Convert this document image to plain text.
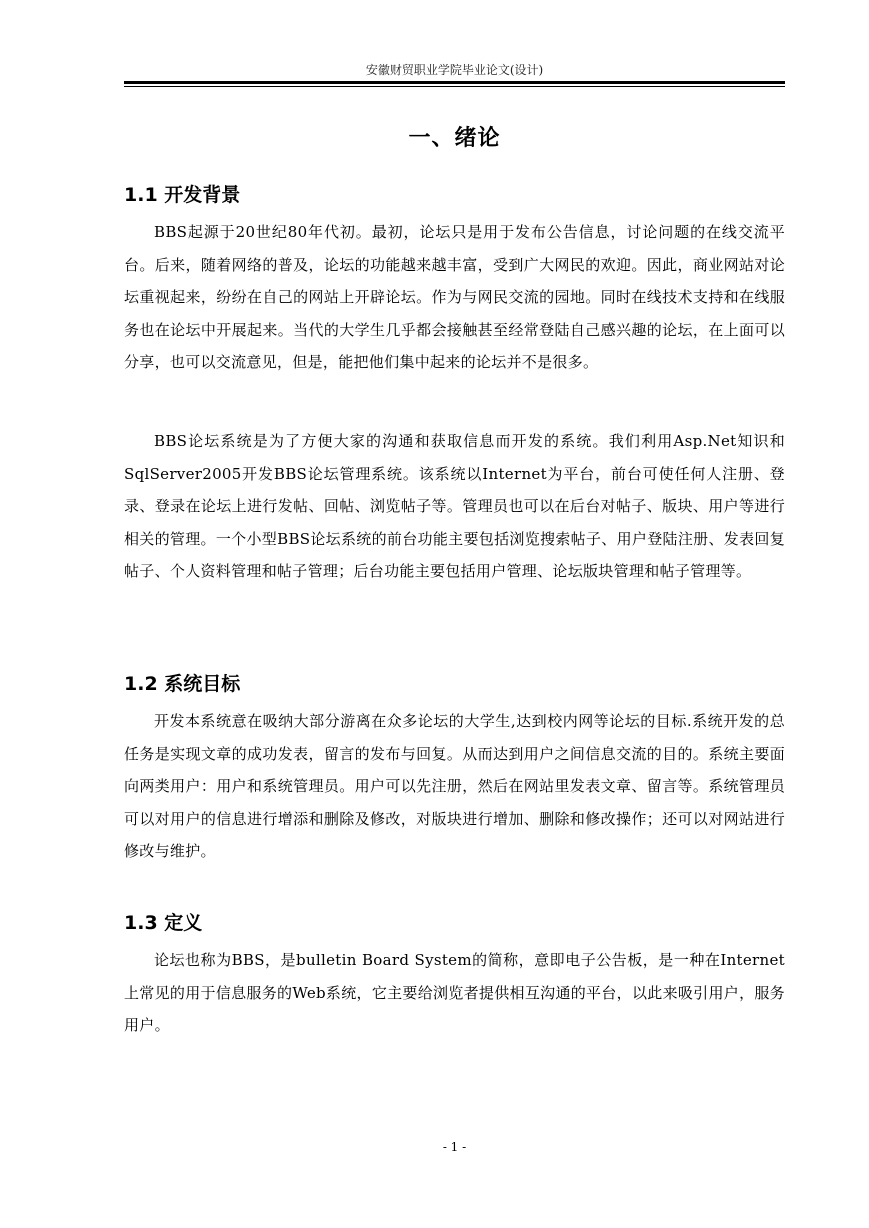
安徽财贸职业学院毕业论文(设计)
一、绪论
1.1 开发背景

BBS起源于20世纪80年代初。最初，论坛只是用于发布公告信息，讨论问题的在线交流平台。后来，随着网络的普及，论坛的功能越来越丰富，受到广大网民的欢迎。因此，商业网站对论坛重视起来，纷纷在自己的网站上开辟论坛。作为与网民交流的园地。同时在线技术支持和在线服务也在论坛中开展起来。当代的大学生几乎都会接触甚至经常登陆自己感兴趣的论坛，在上面可以分享，也可以交流意见，但是，能把他们集中起来的论坛并不是很多。

BBS论坛系统是为了方便大家的沟通和获取信息而开发的系统。我们利用Asp.Net知识和SqlServer2005开发BBS论坛管理系统。该系统以Internet为平台，前台可使任何人注册、登录、登录在论坛上进行发帖、回帖、浏览帖子等。管理员也可以在后台对帖子、版块、用户等进行相关的管理。一个小型BBS论坛系统的前台功能主要包括浏览搜索帖子、用户登陆注册、发表回复帖子、个人资料管理和帖子管理；后台功能主要包括用户管理、论坛版块管理和帖子管理等。

1.2 系统目标

开发本系统意在吸纳大部分游离在众多论坛的大学生,达到校内网等论坛的目标.系统开发的总任务是实现文章的成功发表，留言的发布与回复。从而达到用户之间信息交流的目的。系统主要面向两类用户：用户和系统管理员。用户可以先注册，然后在网站里发表文章、留言等。系统管理员可以对用户的信息进行增添和删除及修改，对版块进行增加、删除和修改操作；还可以对网站进行修改与维护。

1.3 定义

论坛也称为BBS，是bulletin Board System的简称，意即电子公告板，是一种在Internet上常见的用于信息服务的Web系统，它主要给浏览者提供相互沟通的平台，以此来吸引用户，服务用户。

- 1 -
